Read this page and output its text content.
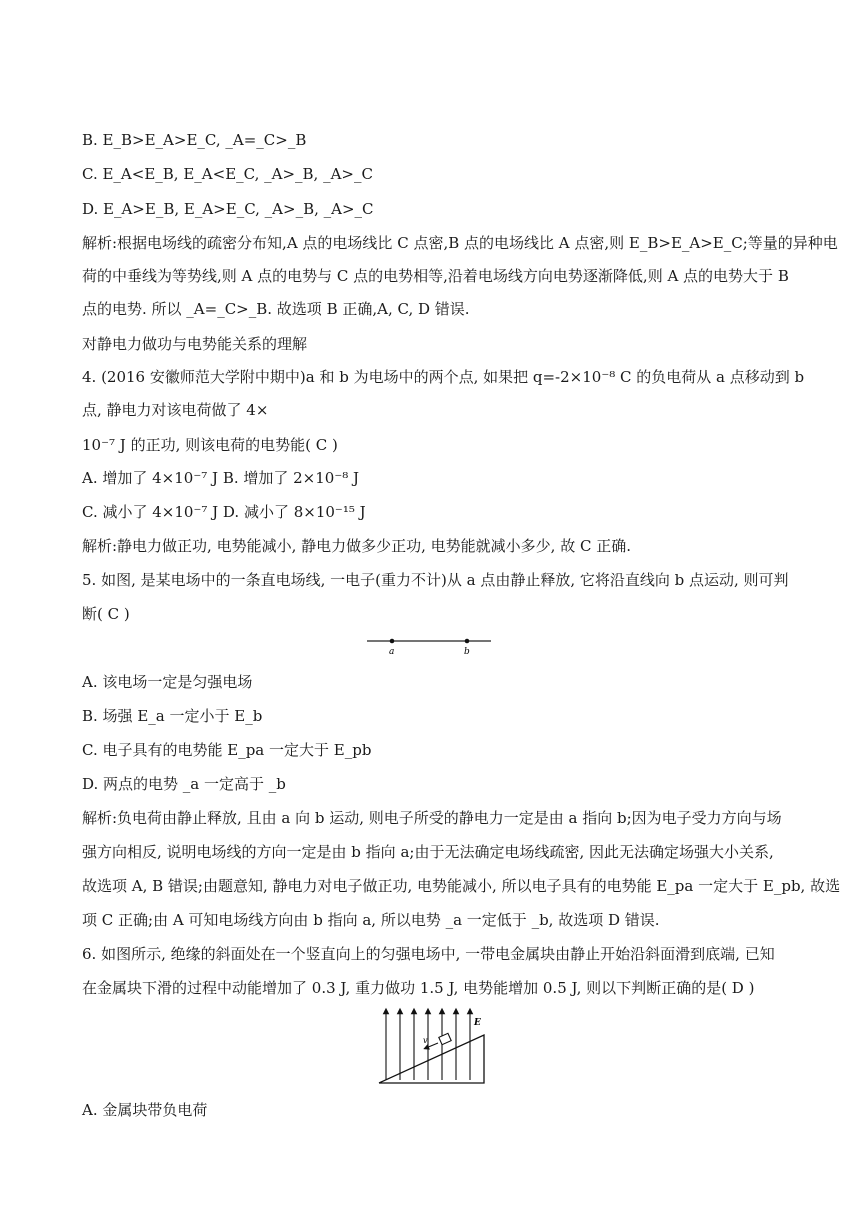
B. E_B>E_A>E_C, _A=_C>_B
C. E_A<E_B, E_A<E_C, _A>_B, _A>_C
D. E_A>E_B, E_A>E_C, _A>_B, _A>_C
解析:根据电场线的疏密分布知,A 点的电场线比 C 点密,B 点的电场线比 A 点密,则 E_B>E_A>E_C;等量的异种电
荷的中垂线为等势线,则 A 点的电势与 C 点的电势相等,沿着电场线方向电势逐渐降低,则 A 点的电势大于 B
点的电势. 所以 _A=_C>_B. 故选项 B 正确,A, C, D 错误.
对静电力做功与电势能关系的理解
4. (2016 安徽师范大学附中期中)a 和 b 为电场中的两个点, 如果把 q=-2×10⁻⁸ C 的负电荷从 a 点移动到 b
点, 静电力对该电荷做了 4×
10⁻⁷ J 的正功, 则该电荷的电势能( C )
A. 增加了 4×10⁻⁷ J B. 增加了 2×10⁻⁸ J
C. 减小了 4×10⁻⁷ J D. 减小了 8×10⁻¹⁵ J
解析:静电力做正功, 电势能减小, 静电力做多少正功, 电势能就减小多少, 故 C 正确.
5. 如图, 是某电场中的一条直电场线, 一电子(重力不计)从 a 点由静止释放, 它将沿直线向 b 点运动, 则可判
断( C )
a	b
A. 该电场一定是匀强电场
B. 场强 E_a 一定小于 E_b
C. 电子具有的电势能 E_pa 一定大于 E_pb
D. 两点的电势 _a 一定高于 _b
解析:负电荷由静止释放, 且由 a 向 b 运动, 则电子所受的静电力一定是由 a 指向 b;因为电子受力方向与场
强方向相反, 说明电场线的方向一定是由 b 指向 a;由于无法确定电场线疏密, 因此无法确定场强大小关系,
故选项 A, B 错误;由题意知, 静电力对电子做正功, 电势能减小, 所以电子具有的电势能 E_pa 一定大于 E_pb, 故选
项 C 正确;由 A 可知电场线方向由 b 指向 a, 所以电势 _a 一定低于 _b, 故选项 D 错误.
6. 如图所示, 绝缘的斜面处在一个竖直向上的匀强电场中, 一带电金属块由静止开始沿斜面滑到底端, 已知
在金属块下滑的过程中动能增加了 0.3 J, 重力做功 1.5 J, 电势能增加 0.5 J, 则以下判断正确的是( D )
v
E
A. 金属块带负电荷
